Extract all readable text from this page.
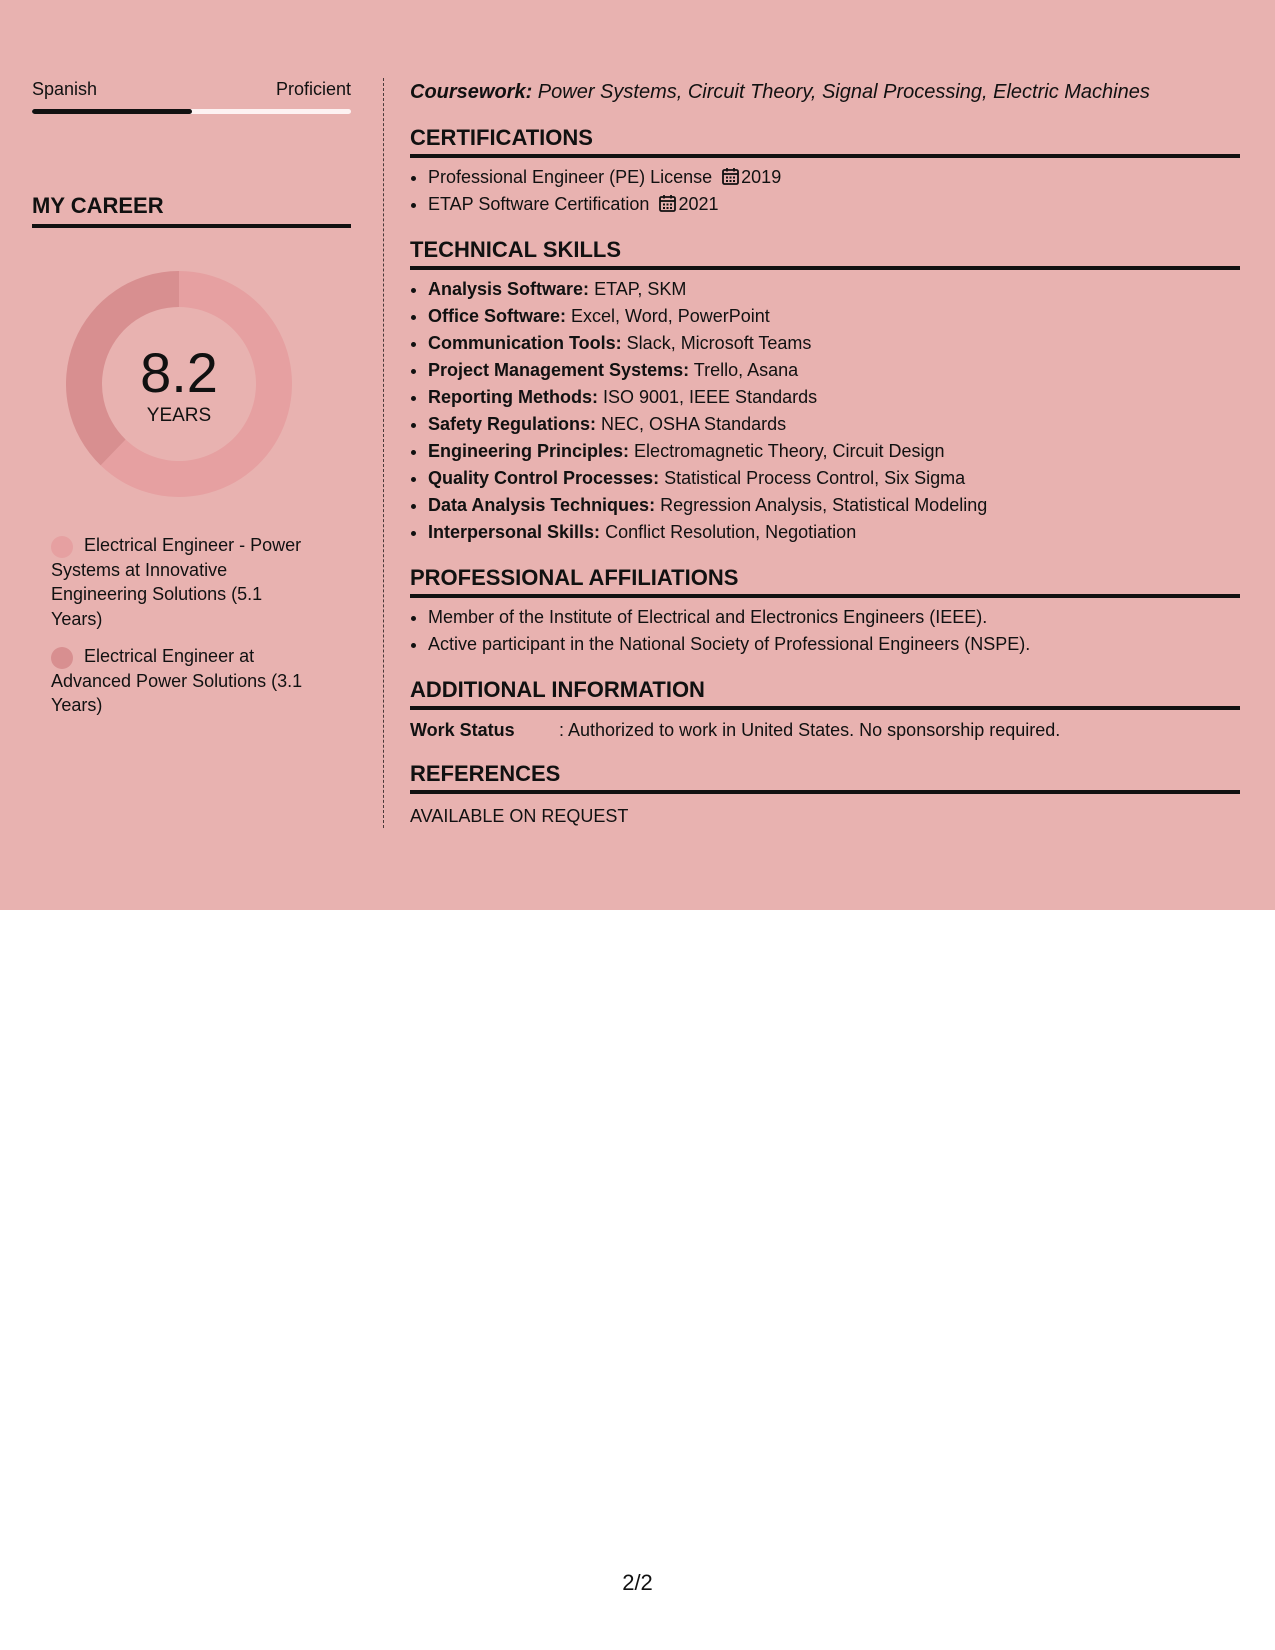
Spanish	Proficient
MY CAREER
8.2
YEARS
Electrical Engineer - Power Systems at Innovative Engineering Solutions (5.1 Years)
Electrical Engineer at Advanced Power Solutions (3.1 Years)
Coursework: Power Systems, Circuit Theory, Signal Processing, Electric Machines
CERTIFICATIONS
• Professional Engineer (PE) License 2019
• ETAP Software Certification 2021
TECHNICAL SKILLS
• Analysis Software: ETAP, SKM
• Office Software: Excel, Word, PowerPoint
• Communication Tools: Slack, Microsoft Teams
• Project Management Systems: Trello, Asana
• Reporting Methods: ISO 9001, IEEE Standards
• Safety Regulations: NEC, OSHA Standards
• Engineering Principles: Electromagnetic Theory, Circuit Design
• Quality Control Processes: Statistical Process Control, Six Sigma
• Data Analysis Techniques: Regression Analysis, Statistical Modeling
• Interpersonal Skills: Conflict Resolution, Negotiation
PROFESSIONAL AFFILIATIONS
• Member of the Institute of Electrical and Electronics Engineers (IEEE).
• Active participant in the National Society of Professional Engineers (NSPE).
ADDITIONAL INFORMATION
Work Status	: Authorized to work in United States. No sponsorship required.
REFERENCES
AVAILABLE ON REQUEST
2/2
